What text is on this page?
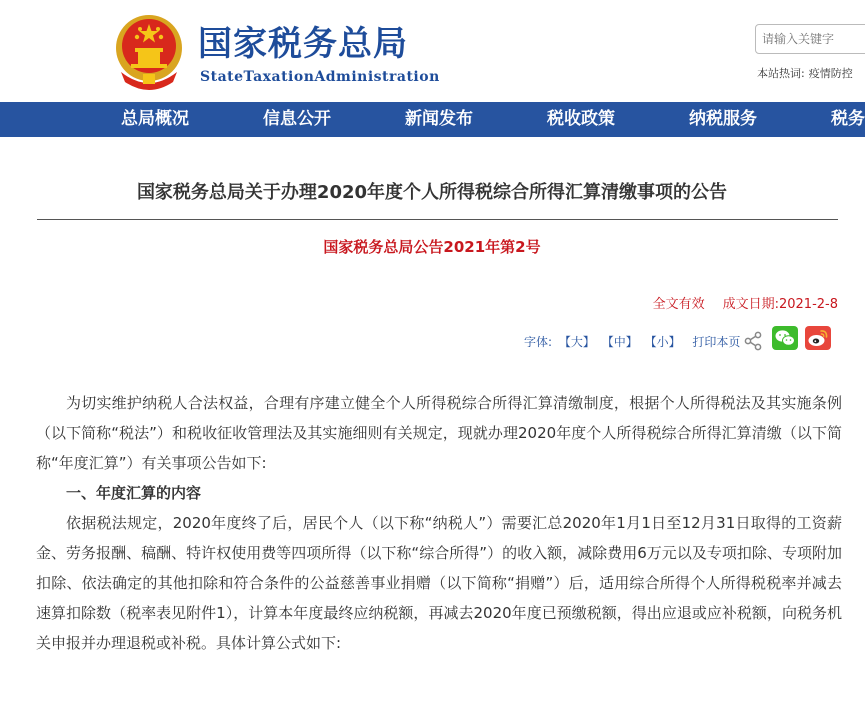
国家税务总局
StateTaxationAdministration
请输入关键字	本站热词: 疫情防控
总局概况	信息公开	新闻发布	税收政策	纳税服务	税务
国家税务总局关于办理2020年度个人所得税综合所得汇算清缴事项的公告
国家税务总局公告2021年第2号
全文有效 成文日期:2021-2-8
字体: 【大】 【中】 【小】 打印本页

为切实维护纳税人合法权益，合理有序建立健全个人所得税综合所得汇算清缴制度，根据个人所得税法及其实施条例（以下简称“税法”）和税收征收管理法及其实施细则有关规定，现就办理2020年度个人所得税综合所得汇算清缴（以下简称“年度汇算”）有关事项公告如下:

一、年度汇算的内容

依据税法规定，2020年度终了后，居民个人（以下称“纳税人”）需要汇总2020年1月1日至12月31日取得的工资薪金、劳务报酬、稿酬、特许权使用费等四项所得（以下称“综合所得”）的收入额，减除费用6万元以及专项扣除、专项附加扣除、依法确定的其他扣除和符合条件的公益慈善事业捐赠（以下简称“捐赠”）后，适用综合所得个人所得税税率并减去速算扣除数（税率表见附件1），计算本年度最终应纳税额，再减去2020年度已预缴税额，得出应退或应补税额，向税务机关申报并办理退税或补税。具体计算公式如下:
